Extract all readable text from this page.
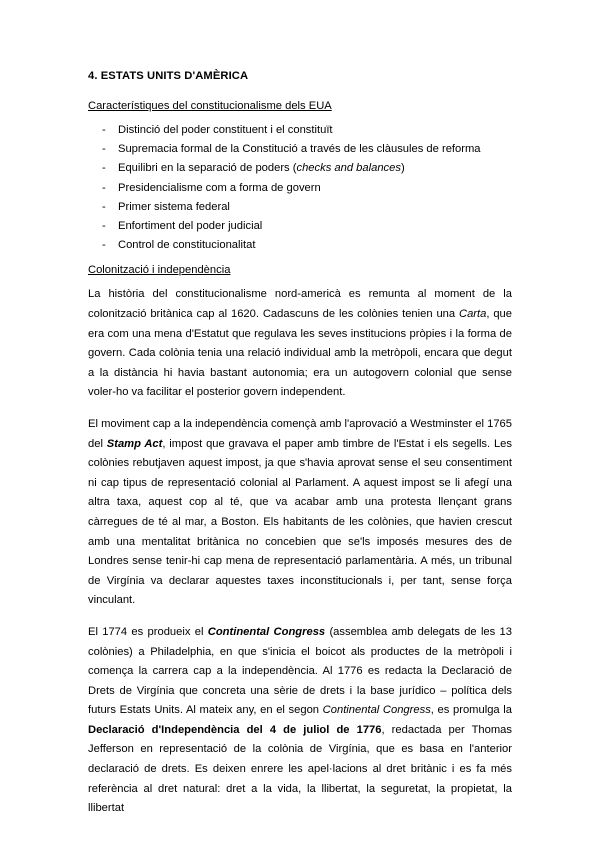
4. ESTATS UNITS D'AMÈRICA
Característiques del constitucionalisme dels EUA
- Distinció del poder constituent i el constituït
- Supremacia formal de la Constitució a través de les clàusules de reforma
- Equilibri en la separació de poders (checks and balances)
- Presidencialisme com a forma de govern
- Primer sistema federal
- Enfortiment del poder judicial
- Control de constitucionalitat
Colonització i independència

La història del constitucionalisme nord-americà es remunta al moment de la colonització britànica cap al 1620. Cadascuns de les colònies tenien una Carta, que era com una mena d'Estatut que regulava les seves institucions pròpies i la forma de govern. Cada colònia tenia una relació individual amb la metròpoli, encara que degut a la distància hi havia bastant autonomia; era un autogovern colonial que sense voler-ho va facilitar el posterior govern independent.

El moviment cap a la independència començà amb l'aprovació a Westminster el 1765 del Stamp Act, impost que gravava el paper amb timbre de l'Estat i els segells. Les colònies rebutjaven aquest impost, ja que s'havia aprovat sense el seu consentiment ni cap tipus de representació colonial al Parlament. A aquest impost se li afegí una altra taxa, aquest cop al té, que va acabar amb una protesta llençant grans càrregues de té al mar, a Boston. Els habitants de les colònies, que havien crescut amb una mentalitat britànica no concebien que se'ls imposés mesures des de Londres sense tenir-hi cap mena de representació parlamentària. A més, un tribunal de Virgínia va declarar aquestes taxes inconstitucionals i, per tant, sense força vinculant.

El 1774 es produeix el Continental Congress (assemblea amb delegats de les 13 colònies) a Philadelphia, en que s'inicia el boicot als productes de la metròpoli i comença la carrera cap a la independència. Al 1776 es redacta la Declaració de Drets de Virgínia que concreta una sèrie de drets i la base jurídico – política dels futurs Estats Units. Al mateix any, en el segon Continental Congress, es promulga la Declaració d'Independència del 4 de juliol de 1776, redactada per Thomas Jefferson en representació de la colònia de Virgínia, que es basa en l'anterior declaració de drets. Es deixen enrere les apel·lacions al dret britànic i es fa més referència al dret natural: dret a la vida, la llibertat, la seguretat, la propietat, la llibertat
